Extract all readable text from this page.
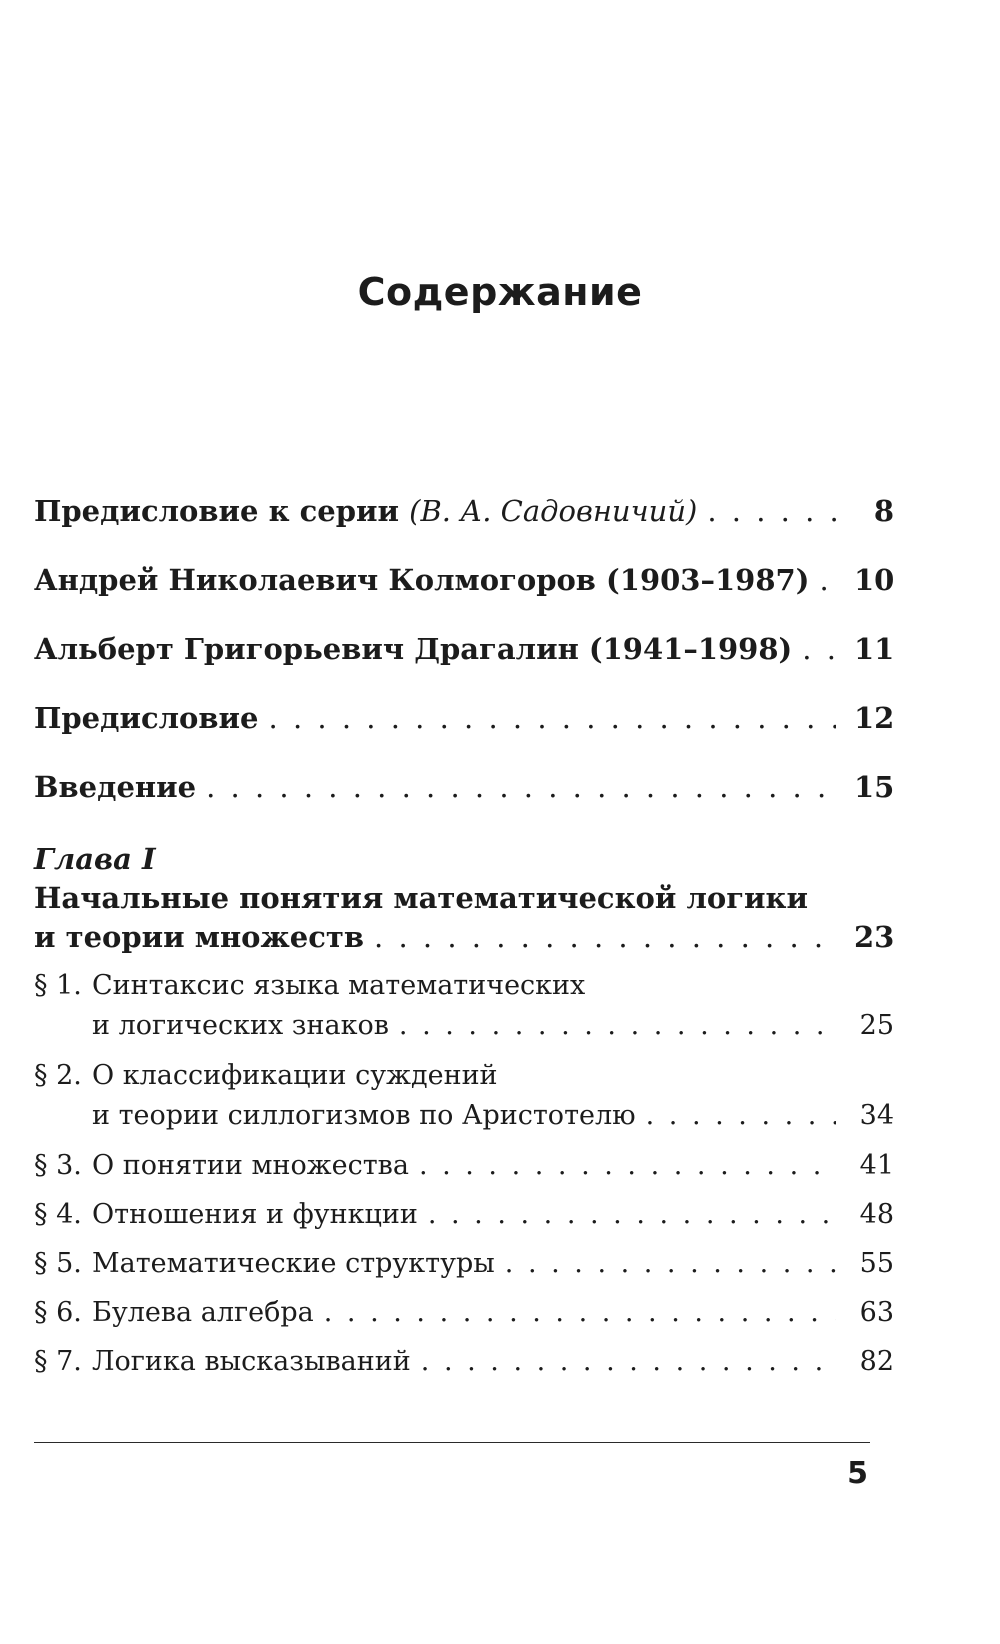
Содержание
Предисловие к серии (В. А. Садовничий) . . .	8
Андрей Николаевич Колмогоров (1903–1987) . . . 10
Альберт Григорьевич Драгалин (1941–1998) . . . 11
Предисловие . . .	12
Введение . . .	15
Глава I
Начальные понятия математической логики
и теории множеств . . .	23
§ 1. Синтаксис языка математических
и логических знаков . . .	25
§ 2. О классификации суждений
и теории силлогизмов по Аристотелю . . .	34
§ 3. О понятии множества . . .	41
§ 4. Отношения и функции . . .	48
§ 5. Математические структуры . . .	55
§ 6. Булева алгебра . . .	63
§ 7. Логика высказываний . . .	82
5
